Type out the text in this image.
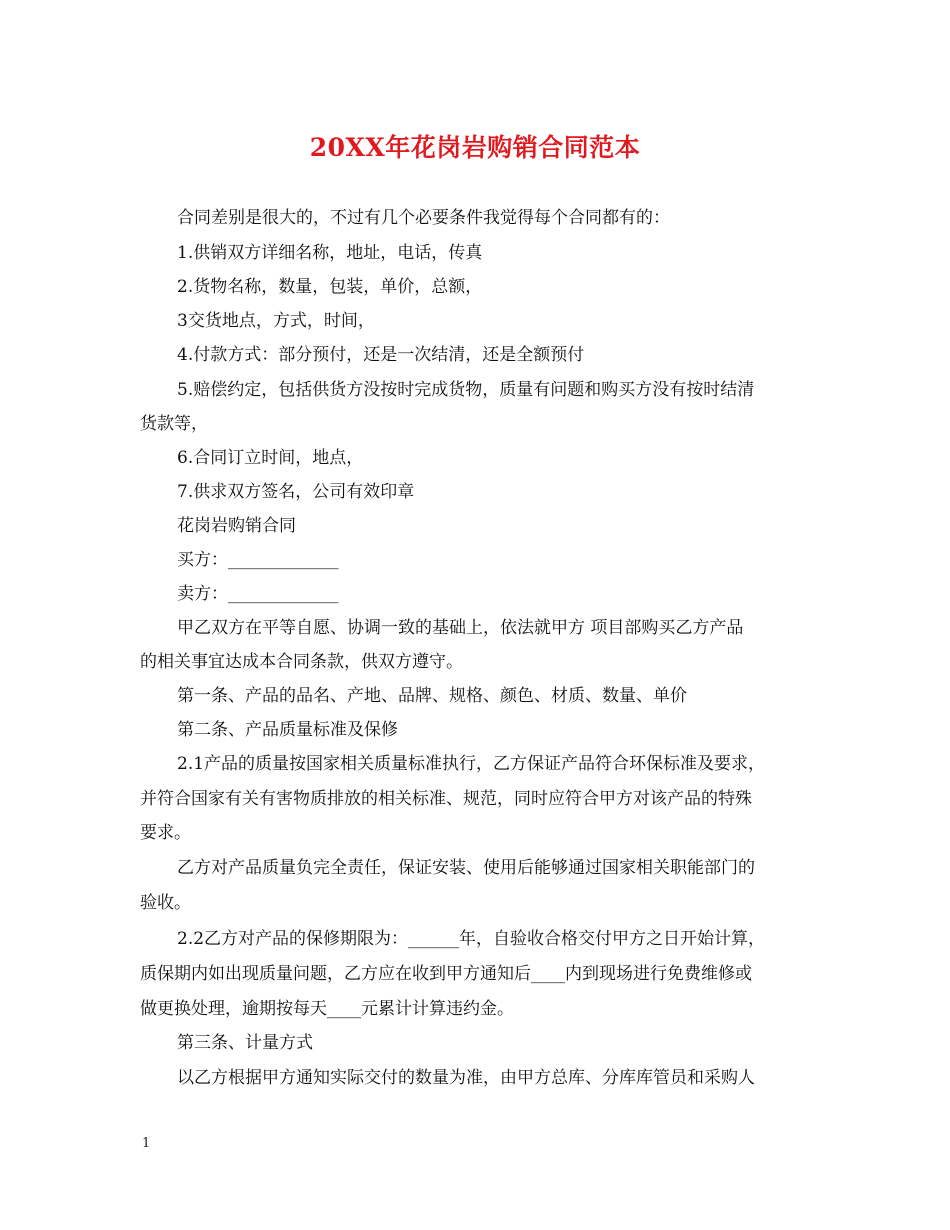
20XX年花岗岩购销合同范本
合同差别是很大的，不过有几个必要条件我觉得每个合同都有的：
1.供销双方详细名称，地址，电话，传真
2.货物名称，数量，包装，单价，总额，
3交货地点，方式，时间，
4.付款方式：部分预付，还是一次结清，还是全额预付
5.赔偿约定，包括供货方没按时完成货物，质量有问题和购买方没有按时结清
货款等，
6.合同订立时间，地点，
7.供求双方签名，公司有效印章
花岗岩购销合同
买方：_____________
卖方：_____________
甲乙双方在平等自愿、协调一致的基础上，依法就甲方 项目部购买乙方产品
的相关事宜达成本合同条款，供双方遵守。
第一条、产品的品名、产地、品牌、规格、颜色、材质、数量、单价
第二条、产品质量标准及保修
2.1产品的质量按国家相关质量标准执行，乙方保证产品符合环保标准及要求，
并符合国家有关有害物质排放的相关标准、规范，同时应符合甲方对该产品的特殊
要求。
乙方对产品质量负完全责任，保证安装、使用后能够通过国家相关职能部门的
验收。
2.2乙方对产品的保修期限为：______年，自验收合格交付甲方之日开始计算，
质保期内如出现质量问题，乙方应在收到甲方通知后____内到现场进行免费维修或
做更换处理，逾期按每天____元累计计算违约金。
第三条、计量方式
以乙方根据甲方通知实际交付的数量为准，由甲方总库、分库库管员和采购人
1
